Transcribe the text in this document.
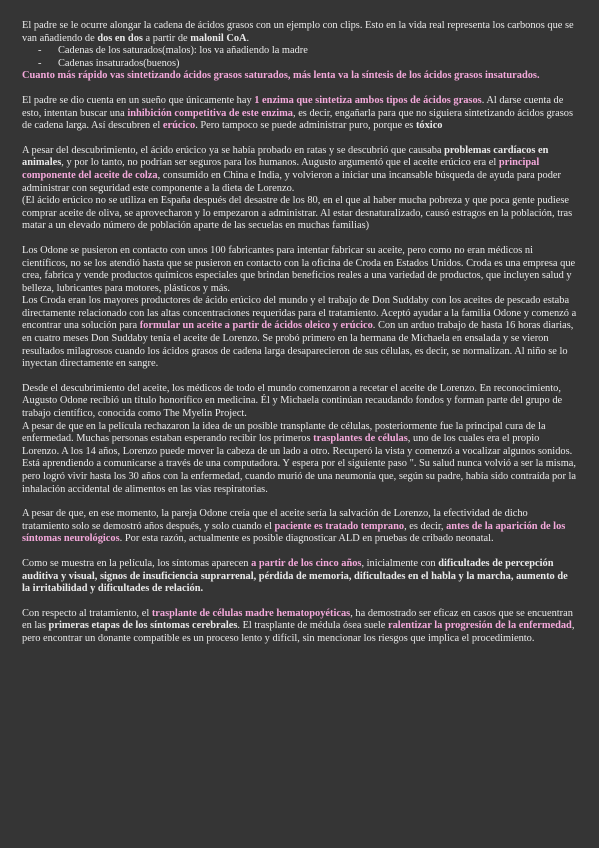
El padre se le ocurre alongar la cadena de ácidos grasos con un ejemplo con clips. Esto en la vida real representa los carbonos que se van añadiendo de dos en dos a partir de malonil CoA.

- Cadenas de los saturados(malos): los va añadiendo la madre
- Cadenas insaturados(buenos)

Cuanto más rápido vas sintetizando ácidos grasos saturados, más lenta va la síntesis de los ácidos grasos insaturados.

El padre se dio cuenta en un sueño que únicamente hay 1 enzima que sintetiza ambos tipos de ácidos grasos. Al darse cuenta de esto, intentan buscar una inhibición competitiva de este enzima, es decir, engañarla para que no siguiera sintetizando ácidos grasos de cadena larga. Así descubren el erúcico. Pero tampoco se puede administrar puro, porque es tóxico

A pesar del descubrimiento, el ácido erúcico ya se había probado en ratas y se descubrió que causaba problemas cardíacos en animales, y por lo tanto, no podrían ser seguros para los humanos. Augusto argumentó que el aceite erúcico era el principal componente del aceite de colza, consumido en China e India, y volvieron a iniciar una incansable búsqueda de ayuda para poder administrar con seguridad este componente a la dieta de Lorenzo.

(El ácido erúcico no se utiliza en España después del desastre de los 80, en el que al haber mucha pobreza y que poca gente pudiese comprar aceite de oliva, se aprovecharon y lo empezaron a administrar. Al estar desnaturalizado, causó estragos en la población, tras matar a un elevado número de población aparte de las secuelas en muchas familias)

Los Odone se pusieron en contacto con unos 100 fabricantes para intentar fabricar su aceite, pero como no eran médicos ni científicos, no se los atendió hasta que se pusieron en contacto con la oficina de Croda en Estados Unidos. Croda es una empresa que crea, fabrica y vende productos químicos especiales que brindan beneficios reales a una variedad de productos, que incluyen salud y belleza, lubricantes para motores, plásticos y más.

Los Croda eran los mayores productores de ácido erúcico del mundo y el trabajo de Don Suddaby con los aceites de pescado estaba directamente relacionado con las altas concentraciones requeridas para el tratamiento. Aceptó ayudar a la familia Odone y comenzó a encontrar una solución para formular un aceite a partir de ácidos oleico y erúcico. Con un arduo trabajo de hasta 16 horas diarias, en cuatro meses Don Suddaby tenía el aceite de Lorenzo. Se probó primero en la hermana de Michaela en ensalada y se vieron resultados milagrosos cuando los ácidos grasos de cadena larga desaparecieron de sus células, es decir, se normalizan. Al niño se lo inyectan directamente en sangre.

Desde el descubrimiento del aceite, los médicos de todo el mundo comenzaron a recetar el aceite de Lorenzo. En reconocimiento, Augusto Odone recibió un título honorífico en medicina. Él y Michaela continúan recaudando fondos y forman parte del grupo de trabajo científico, conocida como The Myelin Project.

A pesar de que en la película rechazaron la idea de un posible transplante de células, posteriormente fue la principal cura de la enfermedad. Muchas personas estaban esperando recibir los primeros trasplantes de células, uno de los cuales era el propio Lorenzo. A los 14 años, Lorenzo puede mover la cabeza de un lado a otro. Recuperó la vista y comenzó a vocalizar algunos sonidos. Está aprendiendo a comunicarse a través de una computadora. Y espera por el siguiente paso ". Su salud nunca volvió a ser la misma, pero logró vivir hasta los 30 años con la enfermedad, cuando murió de una neumonía que, según su padre, había sido contraída por la inhalación accidental de alimentos en las vías respiratorias.

A pesar de que, en ese momento, la pareja Odone creía que el aceite sería la salvación de Lorenzo, la efectividad de dicho tratamiento solo se demostró años después, y solo cuando el paciente es tratado temprano, es decir, antes de la aparición de los síntomas neurológicos. Por esta razón, actualmente es posible diagnosticar ALD en pruebas de cribado neonatal.

Como se muestra en la película, los síntomas aparecen a partir de los cinco años, inicialmente con dificultades de percepción auditiva y visual, signos de insuficiencia suprarrenal, pérdida de memoria, dificultades en el habla y la marcha, aumento de la irritabilidad y dificultades de relación.

Con respecto al tratamiento, el trasplante de células madre hematopoyéticas, ha demostrado ser eficaz en casos que se encuentran en las primeras etapas de los síntomas cerebrales. El trasplante de médula ósea suele ralentizar la progresión de la enfermedad, pero encontrar un donante compatible es un proceso lento y difícil, sin mencionar los riesgos que implica el procedimiento.
